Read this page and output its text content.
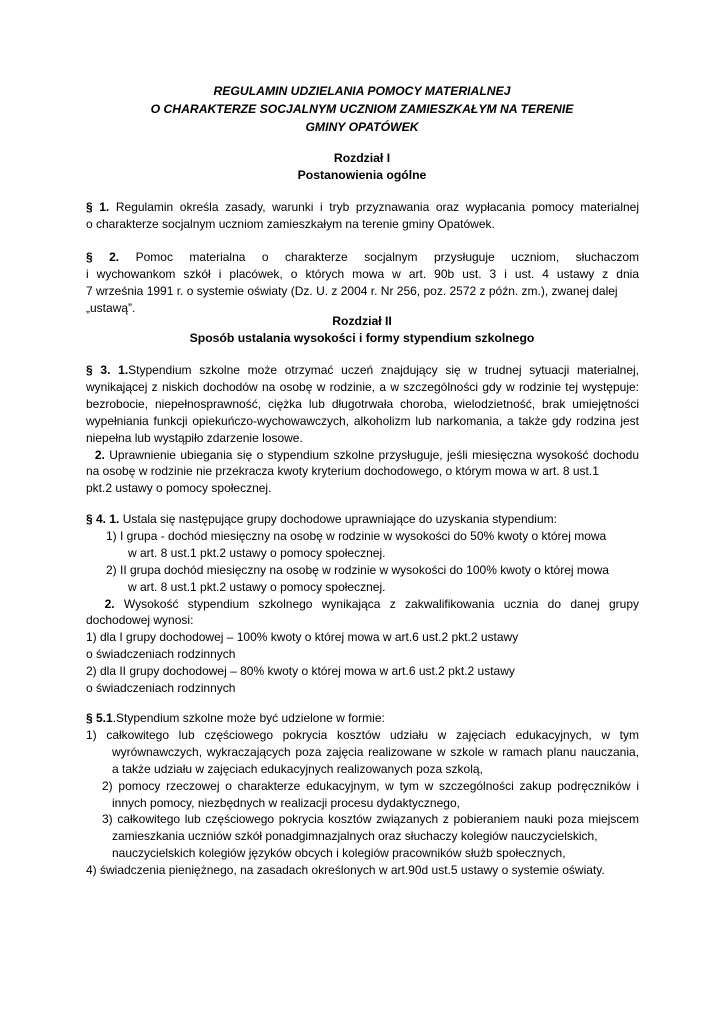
REGULAMIN UDZIELANIA POMOCY MATERIALNEJ
O CHARAKTERZE SOCJALNYM UCZNIOM ZAMIESZKAŁYM NA TERENIE
GMINY OPATÓWEK
Rozdział I
Postanowienia ogólne
§ 1. Regulamin określa zasady, warunki i tryb przyznawania oraz wypłacania pomocy materialnej
o charakterze socjalnym uczniom zamieszkałym na terenie gminy Opatówek.
§ 2. Pomoc materialna o charakterze socjalnym przysługuje uczniom, słuchaczom
i wychowankom szkół i placówek, o których mowa w art. 90b ust. 3 i ust. 4 ustawy z dnia
7 września 1991 r. o systemie oświaty (Dz. U. z 2004 r. Nr 256, poz. 2572 z późn. zm.), zwanej dalej
„ustawą”.
Rozdział II
Sposób ustalania wysokości i formy stypendium szkolnego
§ 3. 1.Stypendium szkolne może otrzymać uczeń znajdujący się w trudnej sytuacji materialnej,
wynikającej z niskich dochodów na osobę w rodzinie, a w szczególności gdy w rodzinie tej występuje:
bezrobocie, niepełnosprawność, ciężka lub długotrwała choroba, wielodzietność, brak umiejętności
wypełniania funkcji opiekuńczo-wychowawczych, alkoholizm lub narkomania, a także gdy rodzina jest
niepełna lub wystąpiło zdarzenie losowe.
2. Uprawnienie ubiegania się o stypendium szkolne przysługuje, jeśli miesięczna wysokość dochodu
na osobę w rodzinie nie przekracza kwoty kryterium dochodowego, o którym mowa w art. 8 ust.1
pkt.2 ustawy o pomocy społecznej.
§ 4. 1. Ustala się następujące grupy dochodowe uprawniające do uzyskania stypendium:
1) I grupa - dochód miesięczny na osobę w rodzinie w wysokości do 50% kwoty o której mowa
w art. 8 ust.1 pkt.2 ustawy o pomocy społecznej.
2) II grupa dochód miesięczny na osobę w rodzinie w wysokości do 100% kwoty o której mowa
w art. 8 ust.1 pkt.2 ustawy o pomocy społecznej.
2. Wysokość stypendium szkolnego wynikająca z zakwalifikowania ucznia do danej grupy
dochodowej wynosi:
1) dla I grupy dochodowej – 100% kwoty o której mowa w art.6 ust.2 pkt.2 ustawy
o świadczeniach rodzinnych
2) dla II grupy dochodowej – 80% kwoty o której mowa w art.6 ust.2 pkt.2 ustawy
o świadczeniach rodzinnych
§ 5.1.Stypendium szkolne może być udzielone w formie:
1) całkowitego lub częściowego pokrycia kosztów udziału w zajęciach edukacyjnych, w tym
wyrównawczych, wykraczających poza zajęcia realizowane w szkole w ramach planu nauczania,
a także udziału w zajęciach edukacyjnych realizowanych poza szkolą,
2) pomocy rzeczowej o charakterze edukacyjnym, w tym w szczególności zakup podręczników i
innych pomocy, niezbędnych w realizacji procesu dydaktycznego,
3) całkowitego lub częściowego pokrycia kosztów związanych z pobieraniem nauki poza miejscem
zamieszkania uczniów szkół ponadgimnazjalnych oraz słuchaczy kolegiów nauczycielskich,
nauczycielskich kolegiów języków obcych i kolegiów pracowników służb społecznych,
4) świadczenia pieniężnego, na zasadach określonych w art.90d ust.5 ustawy o systemie oświaty.
